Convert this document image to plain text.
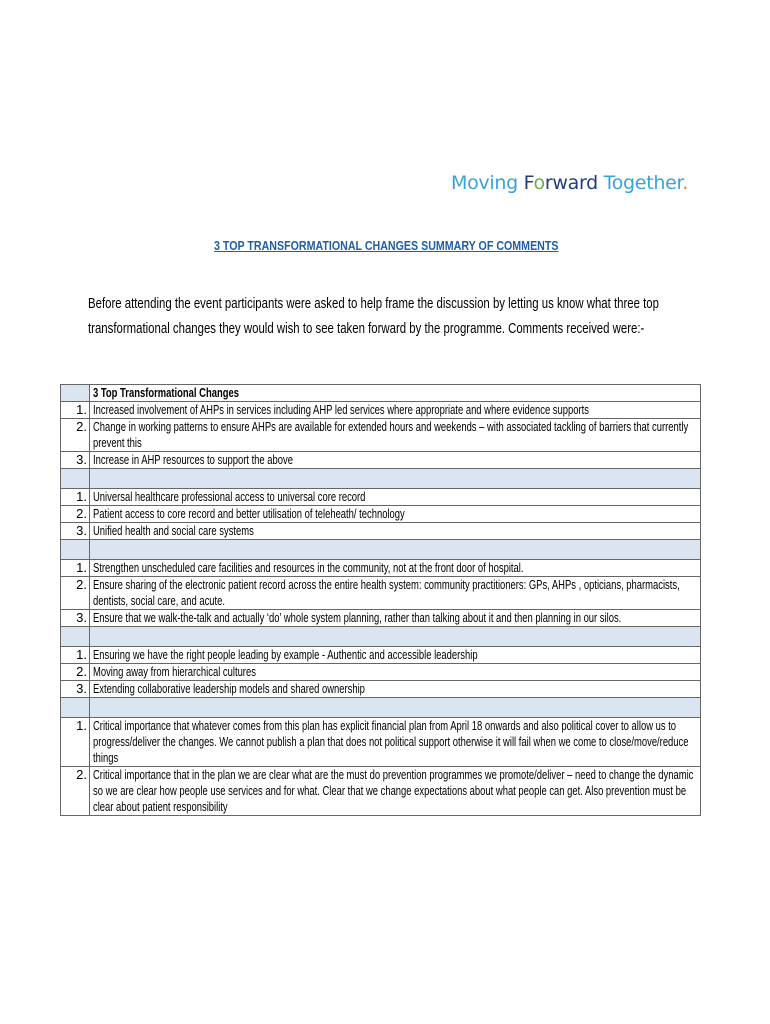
Moving Forward Together.
3 TOP TRANSFORMATIONAL CHANGES SUMMARY OF COMMENTS
Before attending the event participants were asked to help frame the discussion by letting us know what three top
transformational changes they would wish to see taken forward by the programme. Comments received were:-

	3 Top Transformational Changes

1.	Increased involvement of AHPs in services including AHP led services where appropriate and where evidence supports

2.	Change in working patterns to ensure AHPs are available for extended hours and weekends – with associated tackling of barriers that currently prevent this

3.	Increase in AHP resources to support the above

1.	Universal healthcare professional access to universal core record

2.	Patient access to core record and better utilisation of teleheath/ technology

3.	Unified health and social care systems

1.	Strengthen unscheduled care facilities and resources in the community, not at the front door of hospital.

2.	Ensure sharing of the electronic patient record across the entire health system: community practitioners: GPs, AHPs , opticians, pharmacists, dentists, social care, and acute.

3.	Ensure that we walk-the-talk and actually ‘do’ whole system planning, rather than talking about it and then planning in our silos.

1.	Ensuring we have the right people leading by example - Authentic and accessible leadership

2.	Moving away from hierarchical cultures

3.	Extending collaborative leadership models and shared ownership

1.	Critical importance that whatever comes from this plan has explicit financial plan from April 18 onwards and also political cover to allow us to progress/deliver the changes. We cannot publish a plan that does not political support otherwise it will fail when we come to close/move/reduce things

2.	Critical importance that in the plan we are clear what are the must do prevention programmes we promote/deliver – need to change the dynamic so we are clear how people use services and for what. Clear that we change expectations about what people can get. Also prevention must be clear about patient responsibility
